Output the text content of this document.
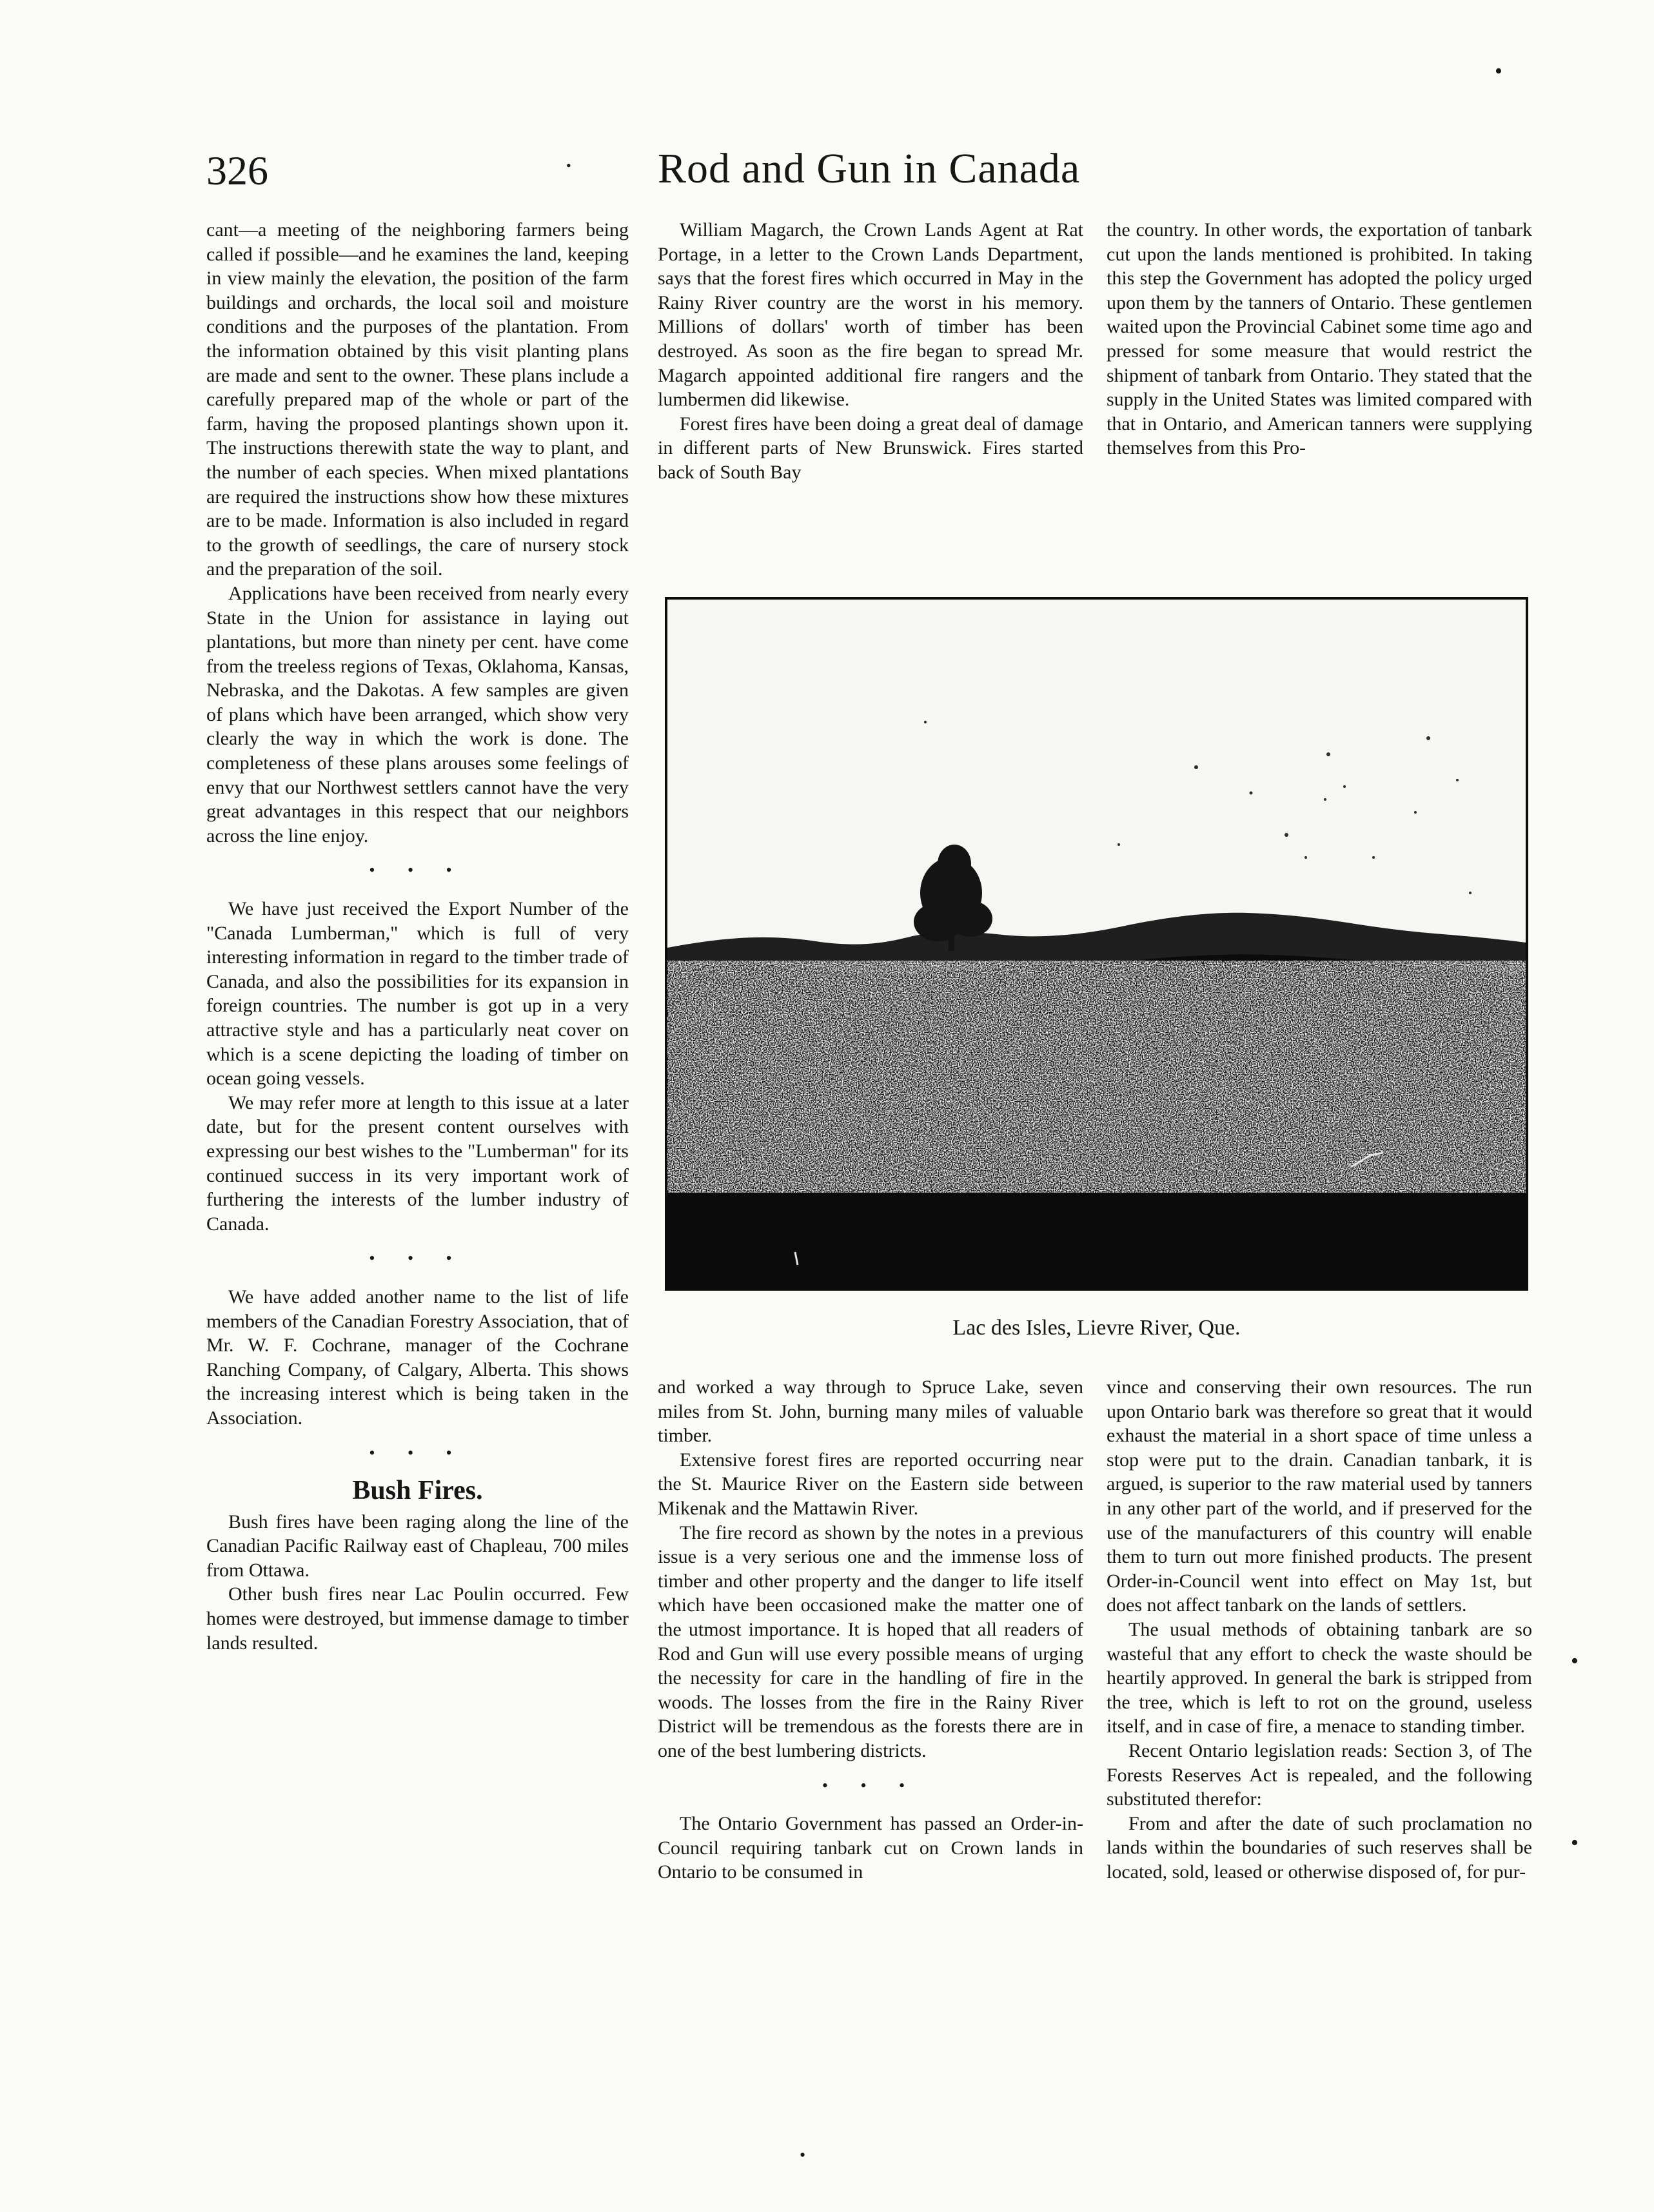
326	Rod and Gun in Canada
•
•
•
•
•

cant—a meeting of the neighboring farmers being called if possible—and he examines the land, keeping in view mainly the elevation, the position of the farm buildings and orchards, the local soil and moisture conditions and the purposes of the plantation. From the information obtained by this visit planting plans are made and sent to the owner. These plans include a carefully prepared map of the whole or part of the farm, having the proposed plantings shown upon it. The instructions therewith state the way to plant, and the number of each species. When mixed plantations are required the instructions show how these mixtures are to be made. Information is also included in regard to the growth of seedlings, the care of nursery stock and the preparation of the soil.

Applications have been received from nearly every State in the Union for assistance in laying out plantations, but more than ninety per cent. have come from the treeless regions of Texas, Oklahoma, Kansas, Nebraska, and the Dakotas. A few samples are given of plans which have been arranged, which show very clearly the way in which the work is done. The completeness of these plans arouses some feelings of envy that our Northwest settlers cannot have the very great advantages in this respect that our neighbors across the line enjoy.

• • •

We have just received the Export Number of the "Canada Lumberman," which is full of very interesting information in regard to the timber trade of Canada, and also the possibilities for its expansion in foreign countries. The number is got up in a very attractive style and has a particularly neat cover on which is a scene depicting the loading of timber on ocean going vessels.

We may refer more at length to this issue at a later date, but for the present content ourselves with expressing our best wishes to the "Lumberman" for its continued success in its very important work of furthering the interests of the lumber industry of Canada.

• • •

We have added another name to the list of life members of the Canadian Forestry Association, that of Mr. W. F. Cochrane, manager of the Cochrane Ranching Company, of Calgary, Alberta. This shows the increasing interest which is being taken in the Association.

• • •

Bush Fires.

Bush fires have been raging along the line of the Canadian Pacific Railway east of Chapleau, 700 miles from Ottawa.

Other bush fires near Lac Poulin occurred. Few homes were destroyed, but immense damage to timber lands resulted.

William Magarch, the Crown Lands Agent at Rat Portage, in a letter to the Crown Lands Department, says that the forest fires which occurred in May in the Rainy River country are the worst in his memory. Millions of dollars' worth of timber has been destroyed. As soon as the fire began to spread Mr. Magarch appointed additional fire rangers and the lumbermen did likewise.

Forest fires have been doing a great deal of damage in different parts of New Brunswick. Fires started back of South Bay

the country. In other words, the exportation of tanbark cut upon the lands mentioned is prohibited. In taking this step the Government has adopted the policy urged upon them by the tanners of Ontario. These gentlemen waited upon the Provincial Cabinet some time ago and pressed for some measure that would restrict the shipment of tanbark from Ontario. They stated that the supply in the United States was limited compared with that in Ontario, and American tanners were supplying themselves from this Pro-

Lac des Isles, Lievre River, Que.

and worked a way through to Spruce Lake, seven miles from St. John, burning many miles of valuable timber.

Extensive forest fires are reported occurring near the St. Maurice River on the Eastern side between Mikenak and the Mattawin River.

The fire record as shown by the notes in a previous issue is a very serious one and the immense loss of timber and other property and the danger to life itself which have been occasioned make the matter one of the utmost importance. It is hoped that all readers of Rod and Gun will use every possible means of urging the necessity for care in the handling of fire in the woods. The losses from the fire in the Rainy River District will be tremendous as the forests there are in one of the best lumbering districts.

• • •

The Ontario Government has passed an Order-in-Council requiring tanbark cut on Crown lands in Ontario to be consumed in

vince and conserving their own resources. The run upon Ontario bark was therefore so great that it would exhaust the material in a short space of time unless a stop were put to the drain. Canadian tanbark, it is argued, is superior to the raw material used by tanners in any other part of the world, and if preserved for the use of the manufacturers of this country will enable them to turn out more finished products. The present Order-in-Council went into effect on May 1st, but does not affect tanbark on the lands of settlers.

The usual methods of obtaining tanbark are so wasteful that any effort to check the waste should be heartily approved. In general the bark is stripped from the tree, which is left to rot on the ground, useless itself, and in case of fire, a menace to standing timber.

Recent Ontario legislation reads: Section 3, of The Forests Reserves Act is repealed, and the following substituted therefor:

From and after the date of such proclamation no lands within the boundaries of such reserves shall be located, sold, leased or otherwise disposed of, for pur-
